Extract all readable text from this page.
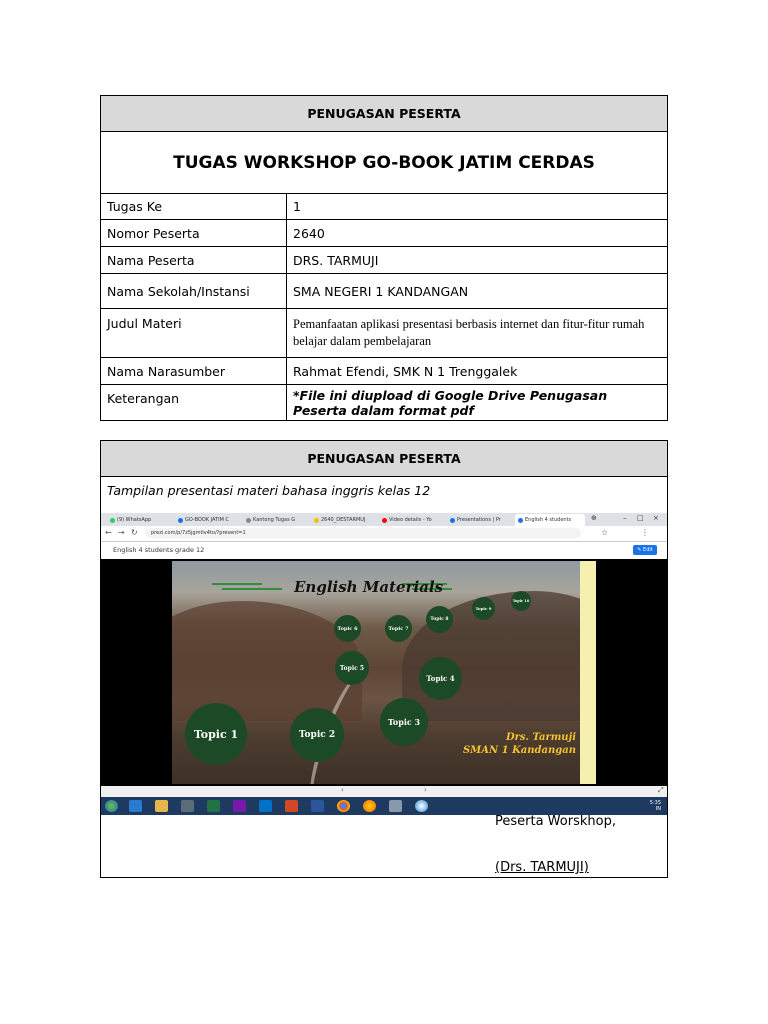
PENUGASAN PESERTA	
TUGAS WORKSHOP GO-BOOK JATIM CERDAS	
Tugas Ke	1
Nomor Peserta	2640
Nama Peserta	DRS. TARMUJI
Nama Sekolah/Instansi	SMA NEGERI 1 KANDANGAN
Judul Materi	Pemanfaatan aplikasi presentasi berbasis internet dan fitur-fitur rumah belajar dalam pembelajaran
Nama Narasumber	Rahmat Efendi, SMK N 1 Trenggalek
Keterangan	*File ini diupload di Google Drive Penugasan Peserta dalam format pdf
PENUGASAN PESERTA
Tampilan presentasi materi bahasa inggris kelas 12
(9) WhatsApp	GO-BOOK JATIM C	Kantong Tugas G	2640_DESTARMUJ	Video details - Yo	Presentations | Pr	English 4 students	⊕	– □ ×
← → ↻	prezi.com/p/7z5jgmtiv4to/?present=1	☆	⋮
English 4 students grade 12	✎ Edit
English Materials
Topic 1	Topic 2
Topic 3
Topic 4
Topic 5
Topic 6	Topic 7
Topic 8
Topic 9
Topic 10
Drs. Tarmuji
SMAN 1 Kandangan
‹	›	⤢
5:35
IN
Peserta Worskhop,
(Drs. TARMUJI)
